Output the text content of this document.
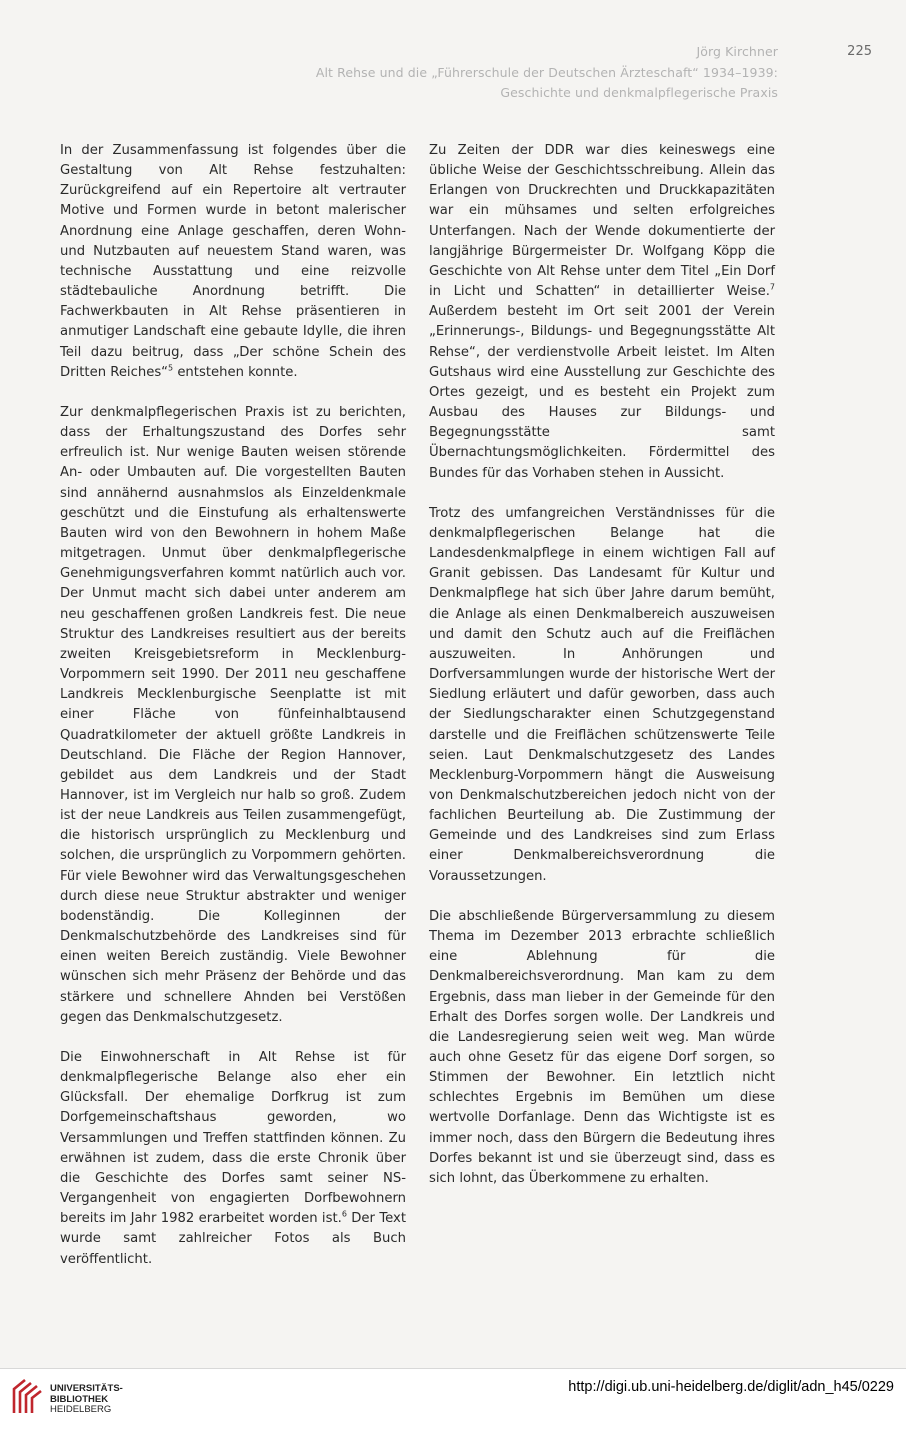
Jörg Kirchner
Alt Rehse und die „Führerschule der Deutschen Ärzteschaft“ 1934–1939:
Geschichte und denkmalpflegerische Praxis
225

In der Zusammenfassung ist folgendes über die Gestaltung von Alt Rehse festzuhalten: Zurückgreifend auf ein Repertoire alt vertrauter Motive und Formen wurde in betont malerischer Anordnung eine Anlage geschaffen, deren Wohn- und Nutzbauten auf neuestem Stand waren, was technische Ausstattung und eine reizvolle städtebauliche Anordnung betrifft. Die Fachwerkbauten in Alt Rehse präsentieren in anmutiger Landschaft eine gebaute Idylle, die ihren Teil dazu beitrug, dass „Der schöne Schein des Dritten Reiches“$^5$ entstehen konnte.

Zur denkmalpflegerischen Praxis ist zu berichten, dass der Erhaltungszustand des Dorfes sehr erfreulich ist. Nur wenige Bauten weisen störende An- oder Umbauten auf. Die vorgestellten Bauten sind annähernd ausnahmslos als Einzeldenkmale geschützt und die Einstufung als erhaltenswerte Bauten wird von den Bewohnern in hohem Maße mitgetragen. Unmut über denkmalpflegerische Genehmigungsverfahren kommt natürlich auch vor. Der Unmut macht sich dabei unter anderem am neu geschaffenen großen Landkreis fest. Die neue Struktur des Landkreises resultiert aus der bereits zweiten Kreisgebietsreform in Mecklenburg-Vorpommern seit 1990. Der 2011 neu geschaffene Landkreis Mecklenburgische Seenplatte ist mit einer Fläche von fünfeinhalbtausend Quadratkilometer der aktuell größte Landkreis in Deutschland. Die Fläche der Region Hannover, gebildet aus dem Landkreis und der Stadt Hannover, ist im Vergleich nur halb so groß. Zudem ist der neue Landkreis aus Teilen zusammengefügt, die historisch ursprünglich zu Mecklenburg und solchen, die ursprünglich zu Vorpommern gehörten. Für viele Bewohner wird das Verwaltungsgeschehen durch diese neue Struktur abstrakter und weniger bodenständig. Die Kolleginnen der Denkmalschutzbehörde des Landkreises sind für einen weiten Bereich zuständig. Viele Bewohner wünschen sich mehr Präsenz der Behörde und das stärkere und schnellere Ahnden bei Verstößen gegen das Denkmalschutzgesetz.

Die Einwohnerschaft in Alt Rehse ist für denkmalpflegerische Belange also eher ein Glücksfall. Der ehemalige Dorfkrug ist zum Dorfgemeinschaftshaus geworden, wo Versammlungen und Treffen stattfinden können. Zu erwähnen ist zudem, dass die erste Chronik über die Geschichte des Dorfes samt seiner NS-Vergangenheit von engagierten Dorfbewohnern bereits im Jahr 1982 erarbeitet worden ist.$^6$ Der Text wurde samt zahlreicher Fotos als Buch veröffentlicht.

Zu Zeiten der DDR war dies keineswegs eine übliche Weise der Geschichtsschreibung. Allein das Erlangen von Druckrechten und Druckkapazitäten war ein mühsames und selten erfolgreiches Unterfangen. Nach der Wende dokumentierte der langjährige Bürgermeister Dr. Wolfgang Köpp die Geschichte von Alt Rehse unter dem Titel „Ein Dorf in Licht und Schatten“ in detaillierter Weise.$^7$ Außerdem besteht im Ort seit 2001 der Verein „Erinnerungs-, Bildungs- und Begegnungsstätte Alt Rehse“, der verdienstvolle Arbeit leistet. Im Alten Gutshaus wird eine Ausstellung zur Geschichte des Ortes gezeigt, und es besteht ein Projekt zum Ausbau des Hauses zur Bildungs- und Begegnungsstätte samt Übernachtungsmöglichkeiten. Fördermittel des Bundes für das Vorhaben stehen in Aussicht.

Trotz des umfangreichen Verständnisses für die denkmalpflegerischen Belange hat die Landesdenkmalpflege in einem wichtigen Fall auf Granit gebissen. Das Landesamt für Kultur und Denkmalpflege hat sich über Jahre darum bemüht, die Anlage als einen Denkmalbereich auszuweisen und damit den Schutz auch auf die Freiflächen auszuweiten. In Anhörungen und Dorfversammlungen wurde der historische Wert der Siedlung erläutert und dafür geworben, dass auch der Siedlungscharakter einen Schutzgegenstand darstelle und die Freiflächen schützenswerte Teile seien. Laut Denkmalschutzgesetz des Landes Mecklenburg-Vorpommern hängt die Ausweisung von Denkmalschutzbereichen jedoch nicht von der fachlichen Beurteilung ab. Die Zustimmung der Gemeinde und des Landkreises sind zum Erlass einer Denkmalbereichsverordnung die Voraussetzungen.

Die abschließende Bürgerversammlung zu diesem Thema im Dezember 2013 erbrachte schließlich eine Ablehnung für die Denkmalbereichsverordnung. Man kam zu dem Ergebnis, dass man lieber in der Gemeinde für den Erhalt des Dorfes sorgen wolle. Der Landkreis und die Landesregierung seien weit weg. Man würde auch ohne Gesetz für das eigene Dorf sorgen, so Stimmen der Bewohner. Ein letztlich nicht schlechtes Ergebnis im Bemühen um diese wertvolle Dorfanlage. Denn das Wichtigste ist es immer noch, dass den Bürgern die Bedeutung ihres Dorfes bekannt ist und sie überzeugt sind, dass es sich lohnt, das Überkommene zu erhalten.

UNIVERSITÄTS-
BIBLIOTHEK
HEIDELBERG
http://digi.ub.uni-heidelberg.de/diglit/adn_h45/0229
